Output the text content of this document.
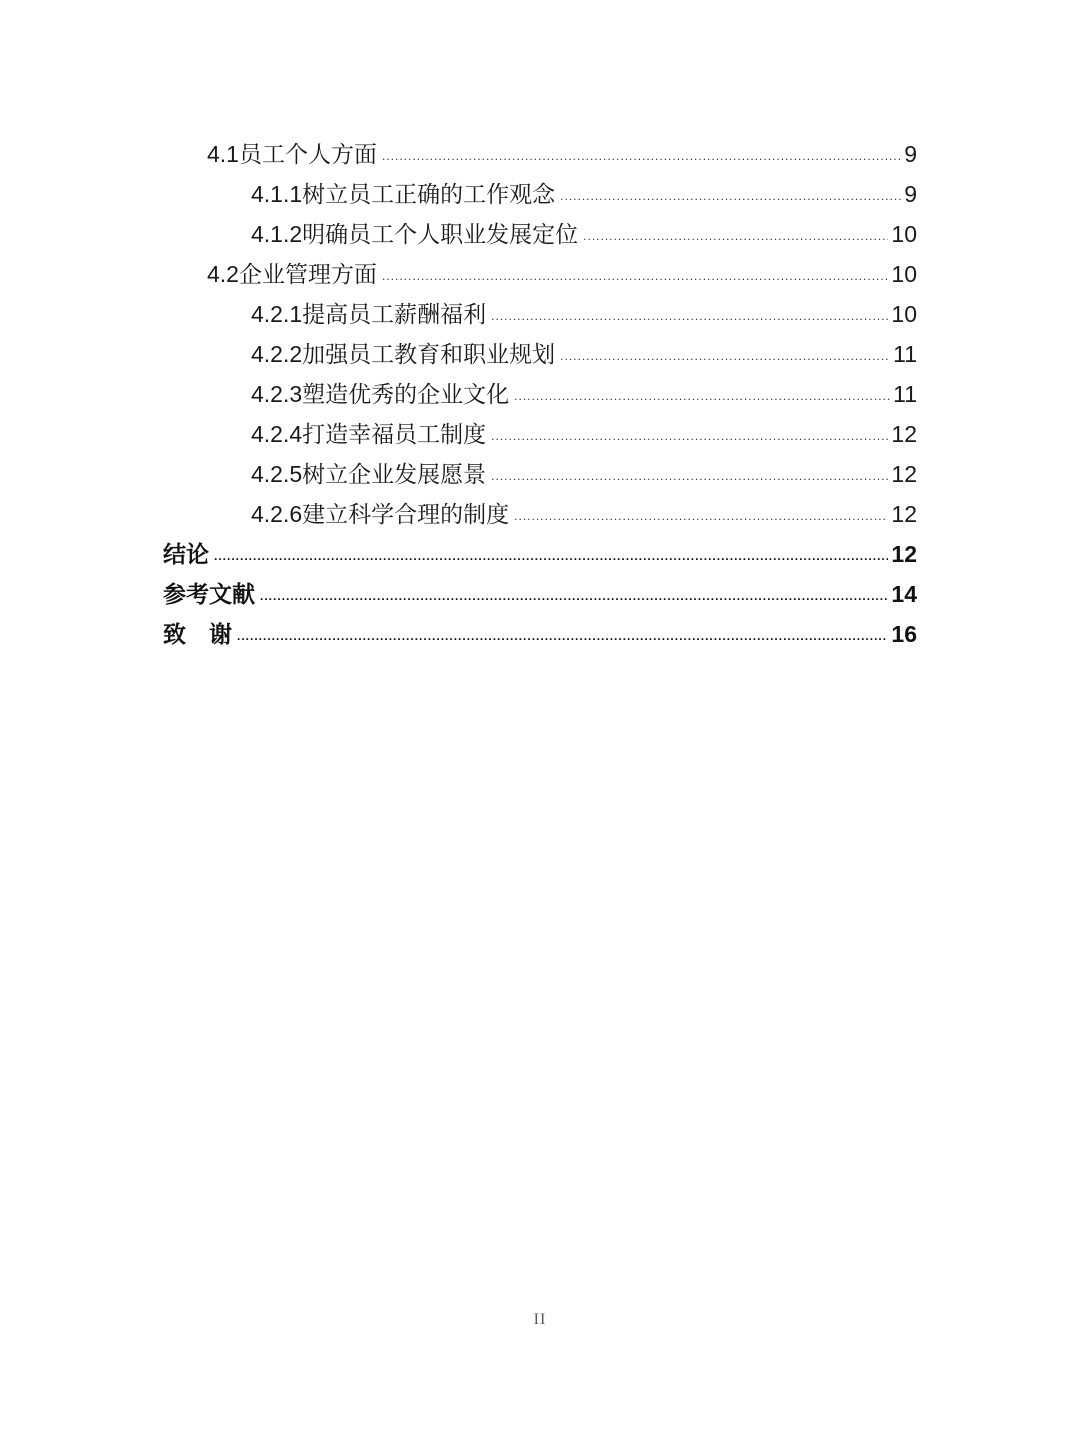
4.1员工个人方面 .....	9
4.1.1树立员工正确的工作观念 .....	9
4.1.2明确员工个人职业发展定位 .....	10
4.2企业管理方面 .....	10
4.2.1提高员工薪酬福利 .....	10
4.2.2加强员工教育和职业规划 .....	11
4.2.3塑造优秀的企业文化 .....	11
4.2.4打造幸福员工制度 .....	12
4.2.5树立企业发展愿景 .....	12
4.2.6建立科学合理的制度 .....	12
结论 .....	12
参考文献 .....	14
致　谢 .....	16
II
